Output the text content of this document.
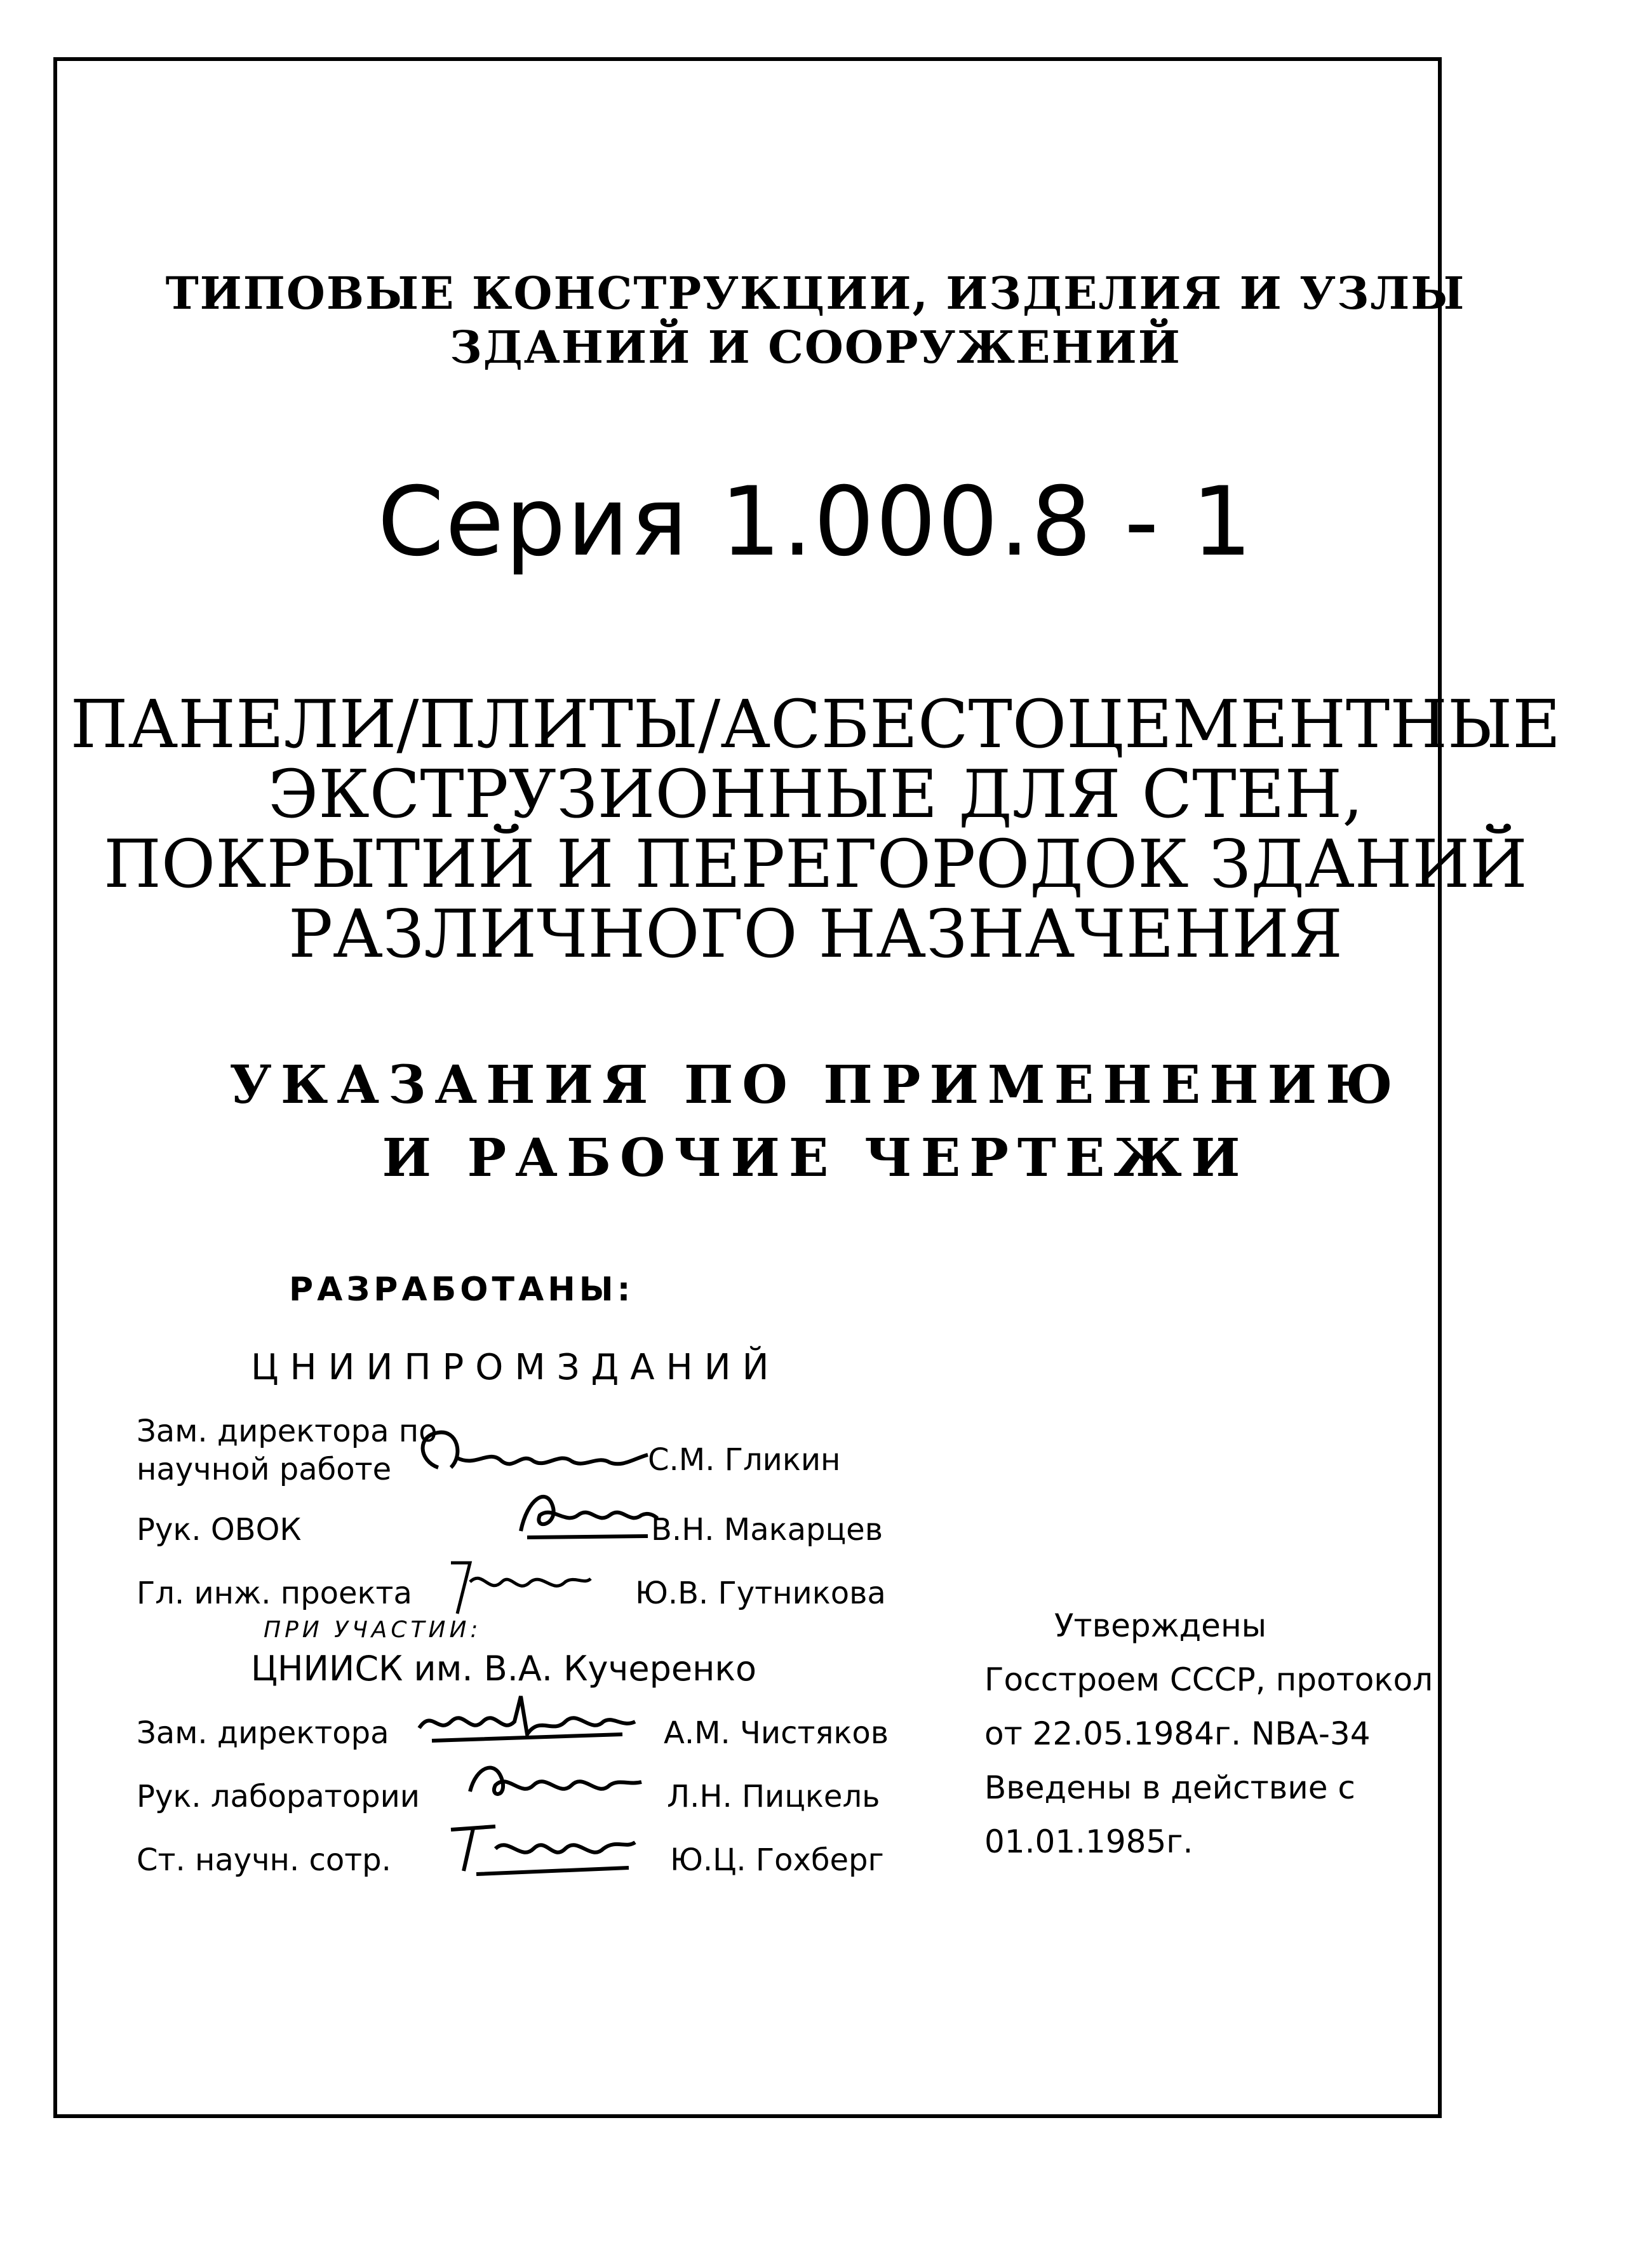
ТИПОВЫЕ КОНСТРУКЦИИ, ИЗДЕЛИЯ И УЗЛЫ
ЗДАНИЙ И СООРУЖЕНИЙ
Серия 1.000.8 - 1
ПАНЕЛИ/ПЛИТЫ/АСБЕСТОЦЕМЕНТНЫЕ
ЭКСТРУЗИОННЫЕ ДЛЯ СТЕН,
ПОКРЫТИЙ И ПЕРЕГОРОДОК ЗДАНИЙ
РАЗЛИЧНОГО НАЗНАЧЕНИЯ
УКАЗАНИЯ ПО ПРИМЕНЕНИЮ
И РАБОЧИЕ ЧЕРТЕЖИ
РАЗРАБОТАНЫ:
ЦНИИПРОМЗДАНИЙ
Зам. директора по
научной работе	С.М. Гликин
Рук. ОВОК	В.Н. Макарцев
Гл. инж. проекта	Ю.В. Гутникова
ПРИ УЧАСТИИ:
ЦНИИСК им. В.А. Кучеренко
Зам. директора	А.М. Чистяков
Рук. лаборатории	Л.Н. Пицкель
Ст. научн. сотр.	Ю.Ц. Гохберг
Утверждены
Госстроем СССР, протокол
от 22.05.1984г. NВА-34
Введены в действие с
01.01.1985г.
